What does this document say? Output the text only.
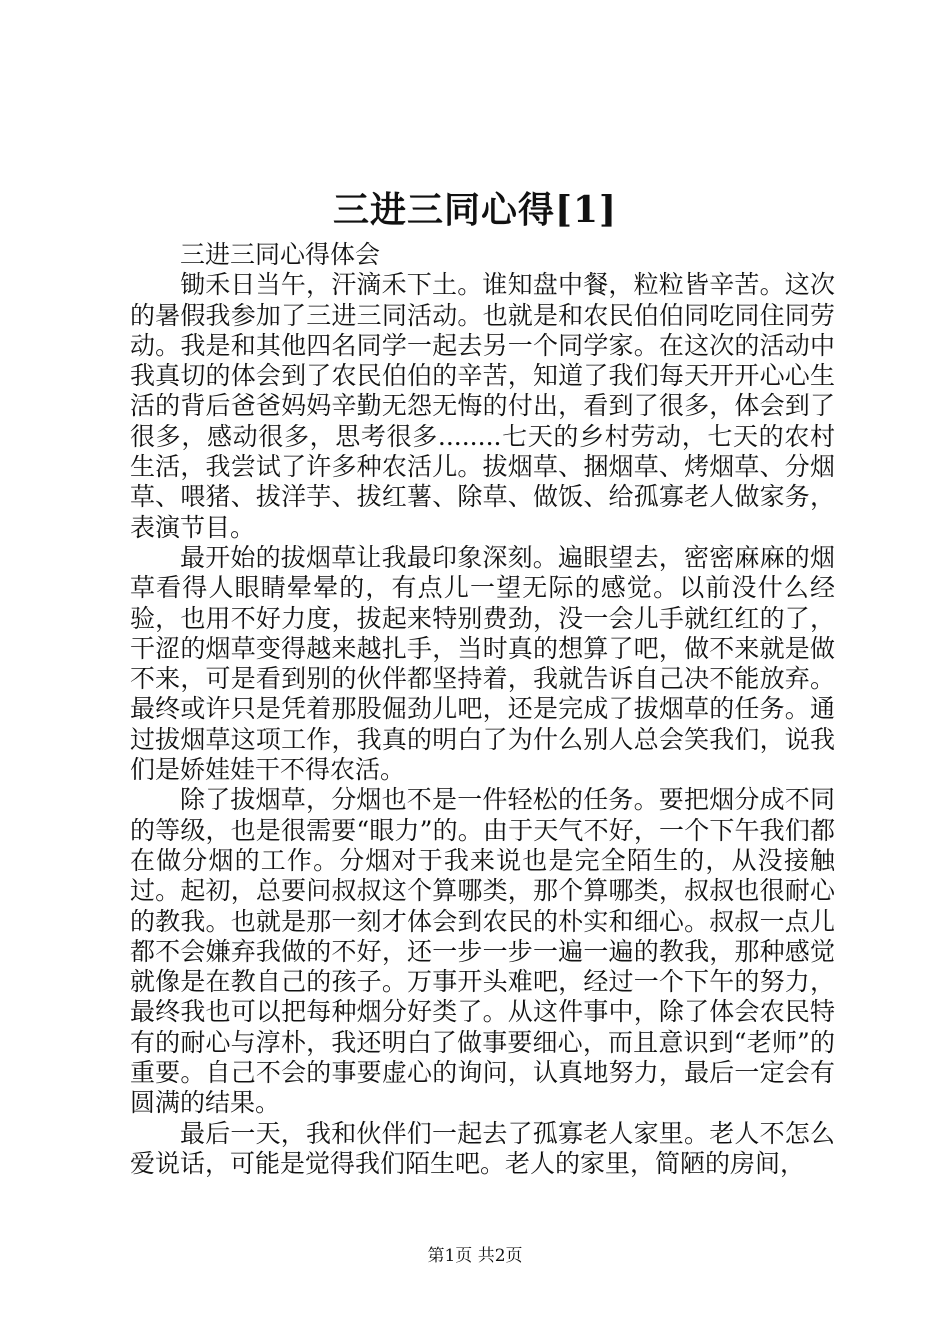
三进三同心得[1]

三进三同心得体会

锄禾日当午，汗滴禾下土。谁知盘中餐，粒粒皆辛苦。这次的暑假我参加了三进三同活动。也就是和农民伯伯同吃同住同劳动。我是和其他四名同学一起去另一个同学家。在这次的活动中我真切的体会到了农民伯伯的辛苦，知道了我们每天开开心心生活的背后爸爸妈妈辛勤无怨无悔的付出，看到了很多，体会到了很多，感动很多，思考很多........七天的乡村劳动，七天的农村生活，我尝试了许多种农活儿。拔烟草、捆烟草、烤烟草、分烟草、喂猪、拔洋芋、拔红薯、除草、做饭、给孤寡老人做家务，表演节目。

最开始的拔烟草让我最印象深刻。遍眼望去，密密麻麻的烟草看得人眼睛晕晕的，有点儿一望无际的感觉。以前没什么经验，也用不好力度，拔起来特别费劲，没一会儿手就红红的了，干涩的烟草变得越来越扎手，当时真的想算了吧，做不来就是做不来，可是看到别的伙伴都坚持着，我就告诉自己决不能放弃。最终或许只是凭着那股倔劲儿吧，还是完成了拔烟草的任务。通过拔烟草这项工作，我真的明白了为什么别人总会笑我们，说我们是娇娃娃干不得农活。

除了拔烟草，分烟也不是一件轻松的任务。要把烟分成不同的等级，也是很需要“眼力”的。由于天气不好，一个下午我们都在做分烟的工作。分烟对于我来说也是完全陌生的，从没接触过。起初，总要问叔叔这个算哪类，那个算哪类，叔叔也很耐心的教我。也就是那一刻才体会到农民的朴实和细心。叔叔一点儿都不会嫌弃我做的不好，还一步一步一遍一遍的教我，那种感觉就像是在教自己的孩子。万事开头难吧，经过一个下午的努力，最终我也可以把每种烟分好类了。从这件事中，除了体会农民特有的耐心与淳朴，我还明白了做事要细心，而且意识到“老师”的重要。自己不会的事要虚心的询问，认真地努力，最后一定会有圆满的结果。

最后一天，我和伙伴们一起去了孤寡老人家里。老人不怎么爱说话，可能是觉得我们陌生吧。老人的家里，简陋的房间，

第1页 共2页
